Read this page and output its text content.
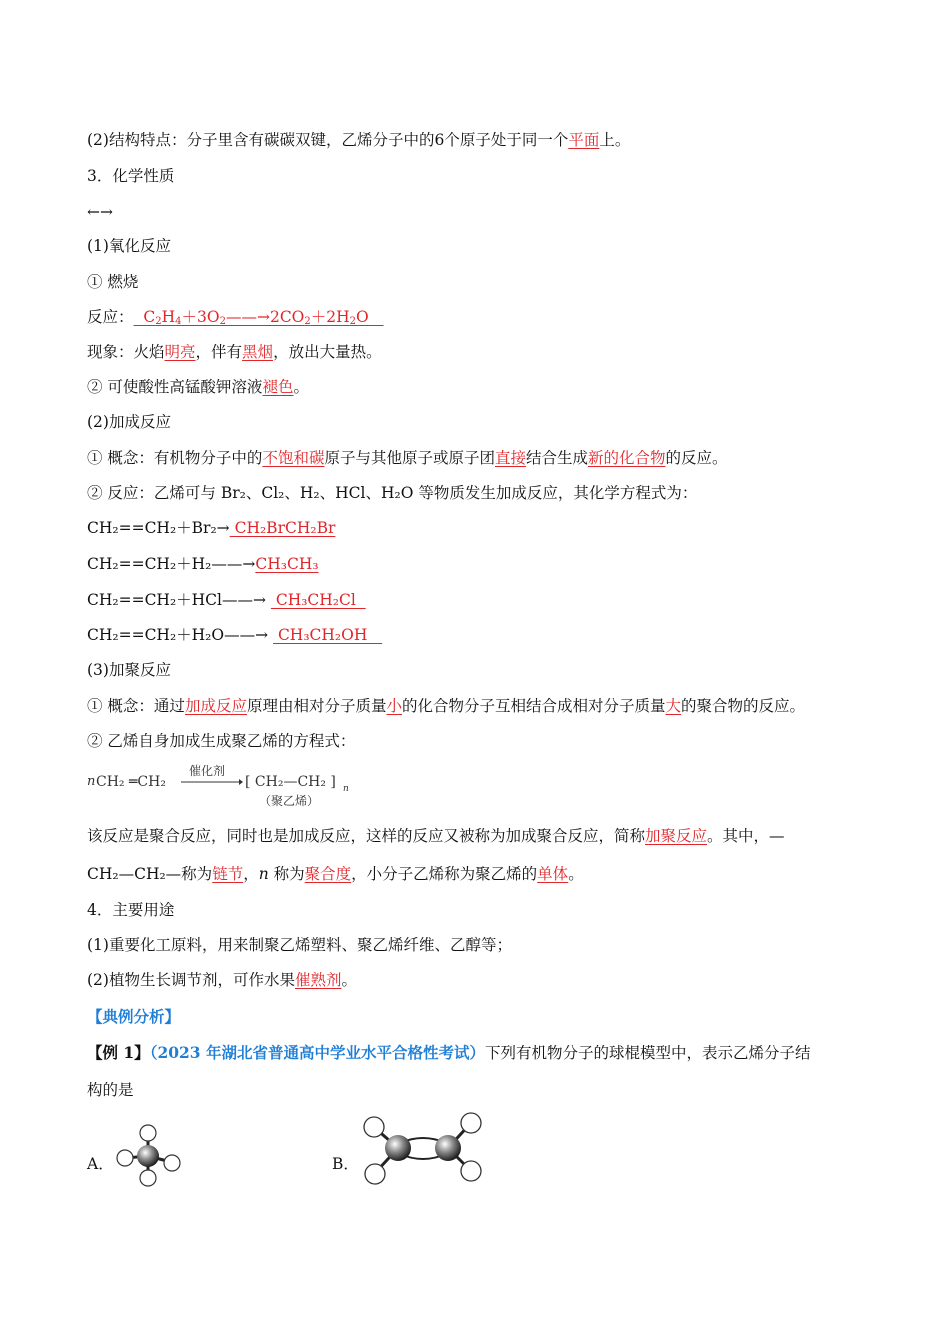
(2)结构特点：分子里含有碳碳双键，乙烯分子中的6个原子处于同一个平面上。
3．化学性质
←→
(1)氧化反应
① 燃烧
反应：  $C_2H_4+3O_2——\to 2CO_2+2H_2O$
现象：火焰明亮，伴有黑烟，放出大量热。
② 可使酸性高锰酸钾溶液褪色。
(2)加成反应
① 概念：有机物分子中的不饱和碳原子与其他原子或原子团直接结合生成新的化合物的反应。
② 反应：乙烯可与 Br₂、Cl₂、H₂、HCl、H₂O 等物质发生加成反应，其化学方程式为：
CH₂==CH₂＋Br₂→ CH₂BrCH₂Br
CH₂==CH₂＋H₂——→CH₃CH₃
CH₂==CH₂＋HCl——→  CH₃CH₂Cl
CH₂==CH₂＋H₂O——→  CH₃CH₂OH
(3)加聚反应
① 概念：通过加成反应原理由相对分子质量小的化合物分子互相结合成相对分子质量大的聚合物的反应。
② 乙烯自身加成生成聚乙烯的方程式：
n CH₂ ═CH₂
催化剂
[ CH₂—CH₂ ] n
（聚乙烯）
该反应是聚合反应，同时也是加成反应，这样的反应又被称为加成聚合反应，简称加聚反应。其中，—
CH₂—CH₂—称为链节，n 称为聚合度，小分子乙烯称为聚乙烯的单体。
4．主要用途
(1)重要化工原料，用来制聚乙烯塑料、聚乙烯纤维、乙醇等；
(2)植物生长调节剂，可作水果催熟剂。
【典例分析】
【例 1】（2023 年湖北省普通高中学业水平合格性考试）下列有机物分子的球棍模型中，表示乙烯分子结
构的是
A．	B．
